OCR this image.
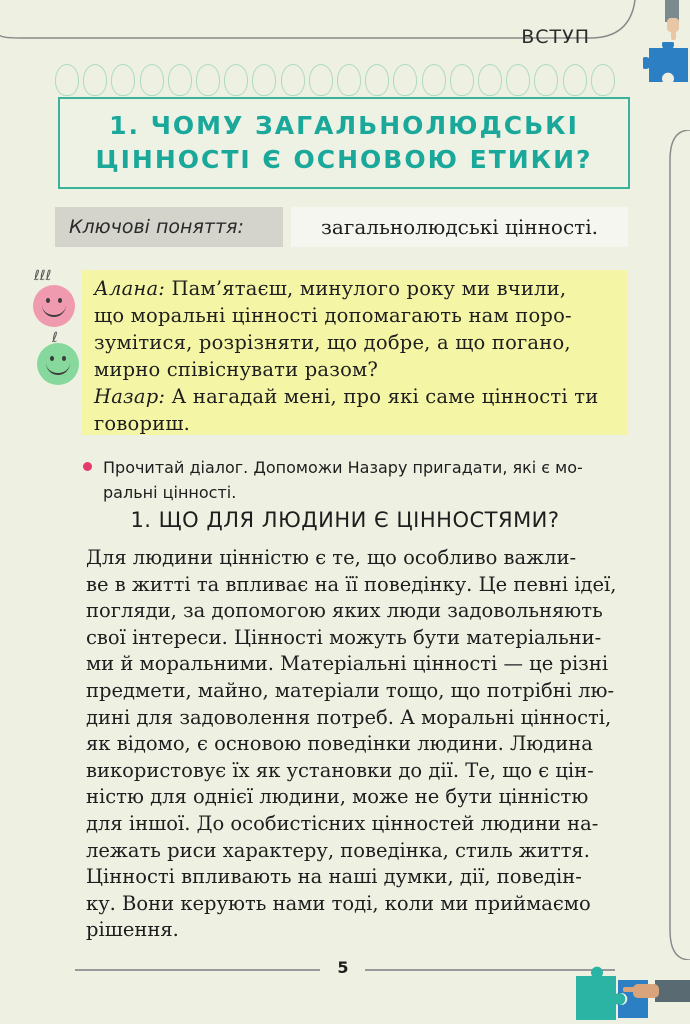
ВСТУП
1. ЧОМУ ЗАГАЛЬНОЛЮДСЬКІ
ЦІННОСТІ Є ОСНОВОЮ ЕТИКИ?
Ключові поняття:	загальнолюдські цінності.
ℓℓℓ
ℓ

Алана: Пам’ятаєш, минулого року ми вчили,

що моральні цінності допомагають нам поро-

зумітися, розрізняти, що добре, а що погано,

мирно співіснувати разом?

Назар: А нагадай мені, про які саме цінності ти

говориш.

Прочитай діалог. Допоможи Назару пригадати, які є мо-
ральні цінності.
1. ЩО ДЛЯ ЛЮДИНИ Є ЦІННОСТЯМИ?

Для людини цінністю є те, що особливо важли-

ве в житті та впливає на її поведінку. Це певні ідеї,

погляди, за допомогою яких люди задовольняють

свої інтереси. Цінності можуть бути матеріальни-

ми й моральними. Матеріальні цінності — це різні

предмети, майно, матеріали тощо, що потрібні лю-

дині для задоволення потреб. А моральні цінності,

як відомо, є основою поведінки людини. Людина

використовує їх як установки до дії. Те, що є цін-

ністю для однієї людини, може не бути цінністю

для іншої. До особистісних цінностей людини на-

лежать риси характеру, поведінка, стиль життя.

Цінності впливають на наші думки, дії, поведін-

ку. Вони керують нами тоді, коли ми приймаємо

рішення.

5
